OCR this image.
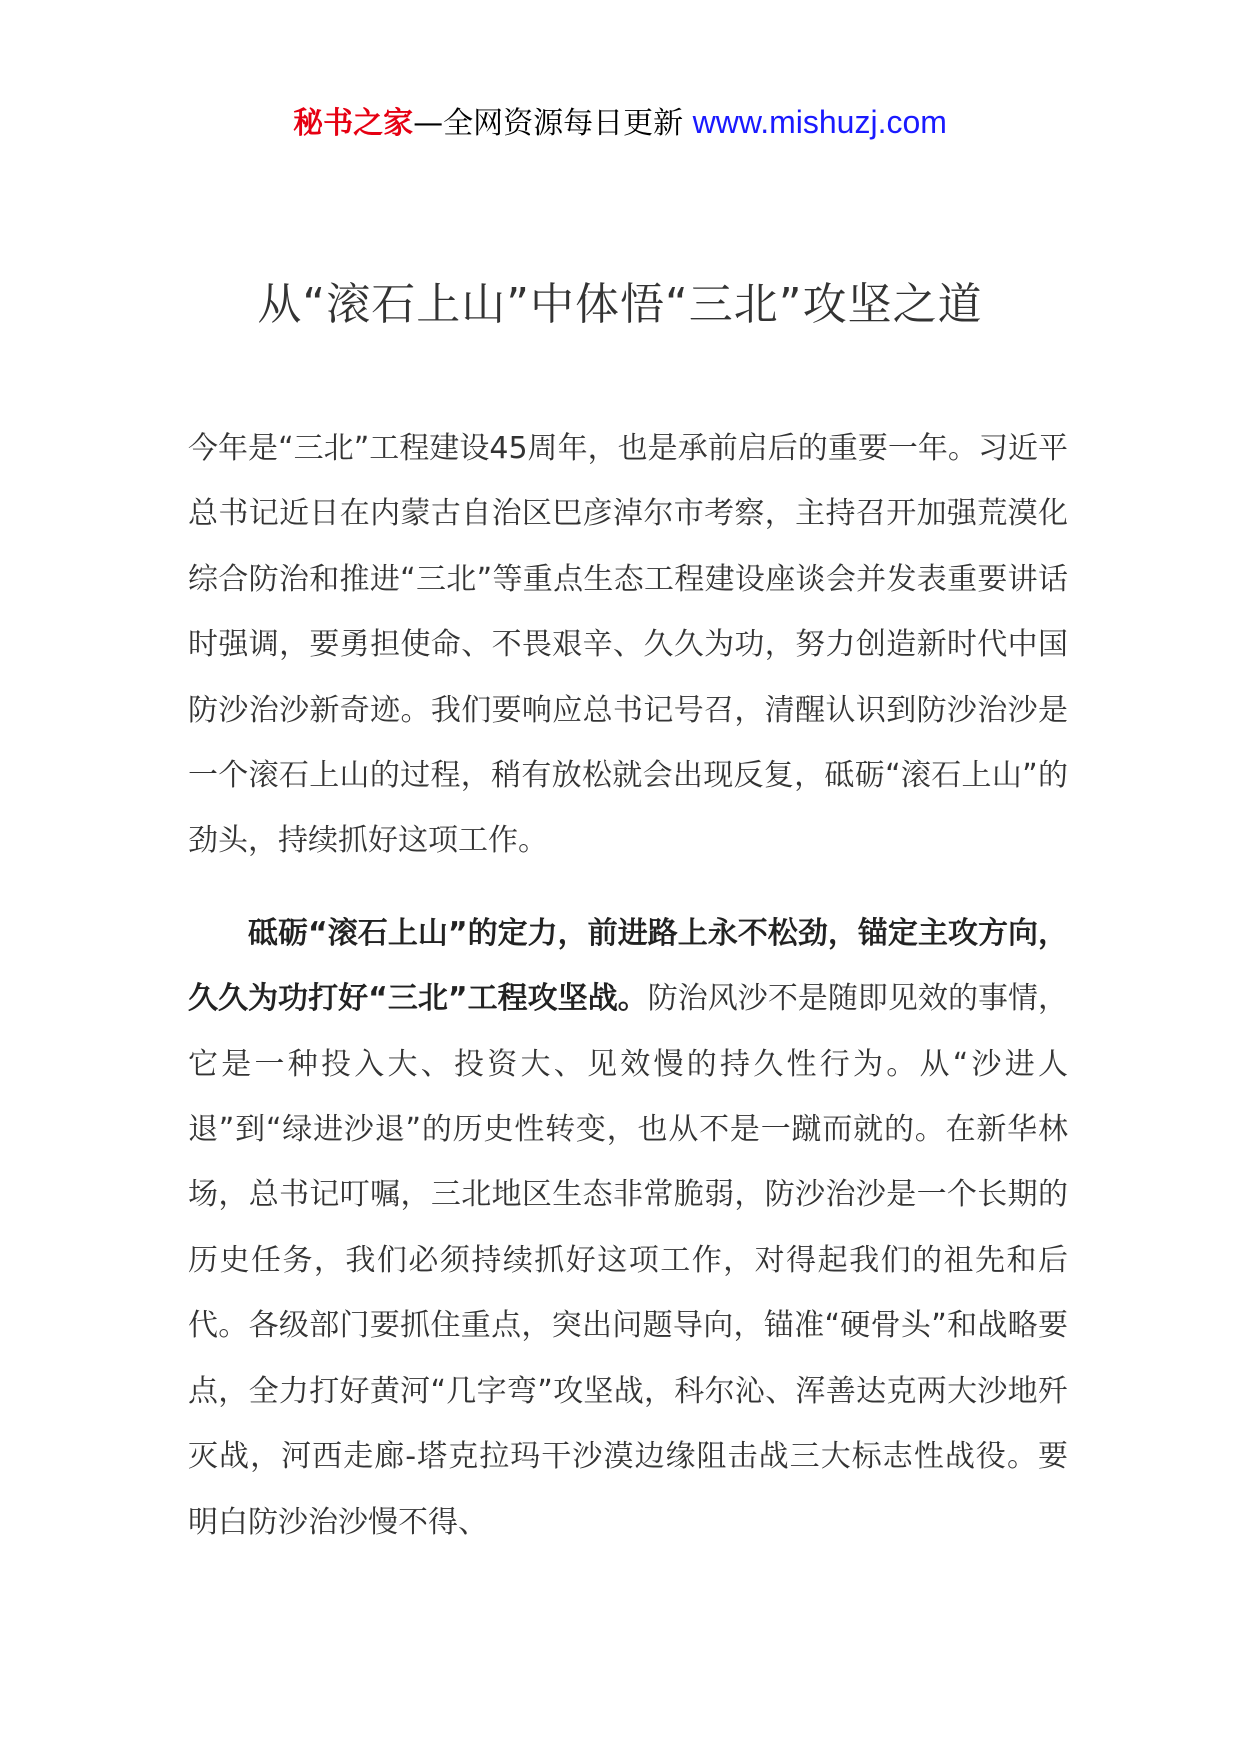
秘书之家—全网资源每日更新 www.mishuzj.com
从“滚石上山”中体悟“三北”攻坚之道

今年是“三北”工程建设45周年，也是承前启后的重要一年。习近平总书记近日在内蒙古自治区巴彦淖尔市考察，主持召开加强荒漠化综合防治和推进“三北”等重点生态工程建设座谈会并发表重要讲话时强调，要勇担使命、不畏艰辛、久久为功，努力创造新时代中国防沙治沙新奇迹。我们要响应总书记号召，清醒认识到防沙治沙是一个滚石上山的过程，稍有放松就会出现反复，砥砺“滚石上山”的劲头，持续抓好这项工作。

砥砺“滚石上山”的定力，前进路上永不松劲，锚定主攻方向，久久为功打好“三北”工程攻坚战。防治风沙不是随即见效的事情，它是一种投入大、投资大、见效慢的持久性行为。从“沙进人退”到“绿进沙退”的历史性转变，也从不是一蹴而就的。在新华林场，总书记叮嘱，三北地区生态非常脆弱，防沙治沙是一个长期的历史任务，我们必须持续抓好这项工作，对得起我们的祖先和后代。各级部门要抓住重点，突出问题导向，锚准“硬骨头”和战略要点，全力打好黄河“几字弯”攻坚战，科尔沁、浑善达克两大沙地歼灭战，河西走廊-塔克拉玛干沙漠边缘阻击战三大标志性战役。要明白防沙治沙慢不得、
